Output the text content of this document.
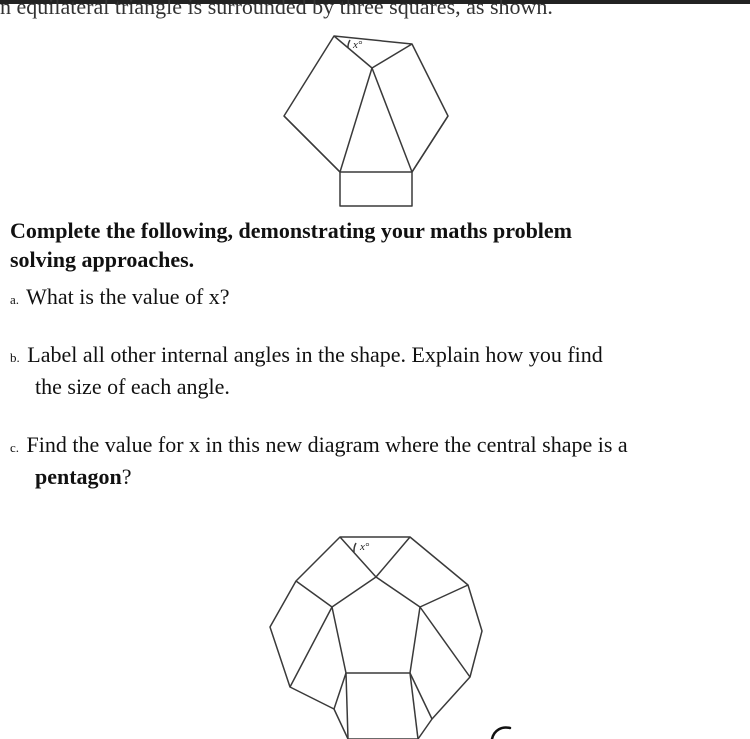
n equilateral triangle is surrounded by three squares, as shown.
x°
Complete the following, demonstrating your maths problem
solving approaches.
a. What is the value of x?
b. Label all other internal angles in the shape. Explain how you find
the size of each angle.
c. Find the value for x in this new diagram where the central shape is a
pentagon?
x°
